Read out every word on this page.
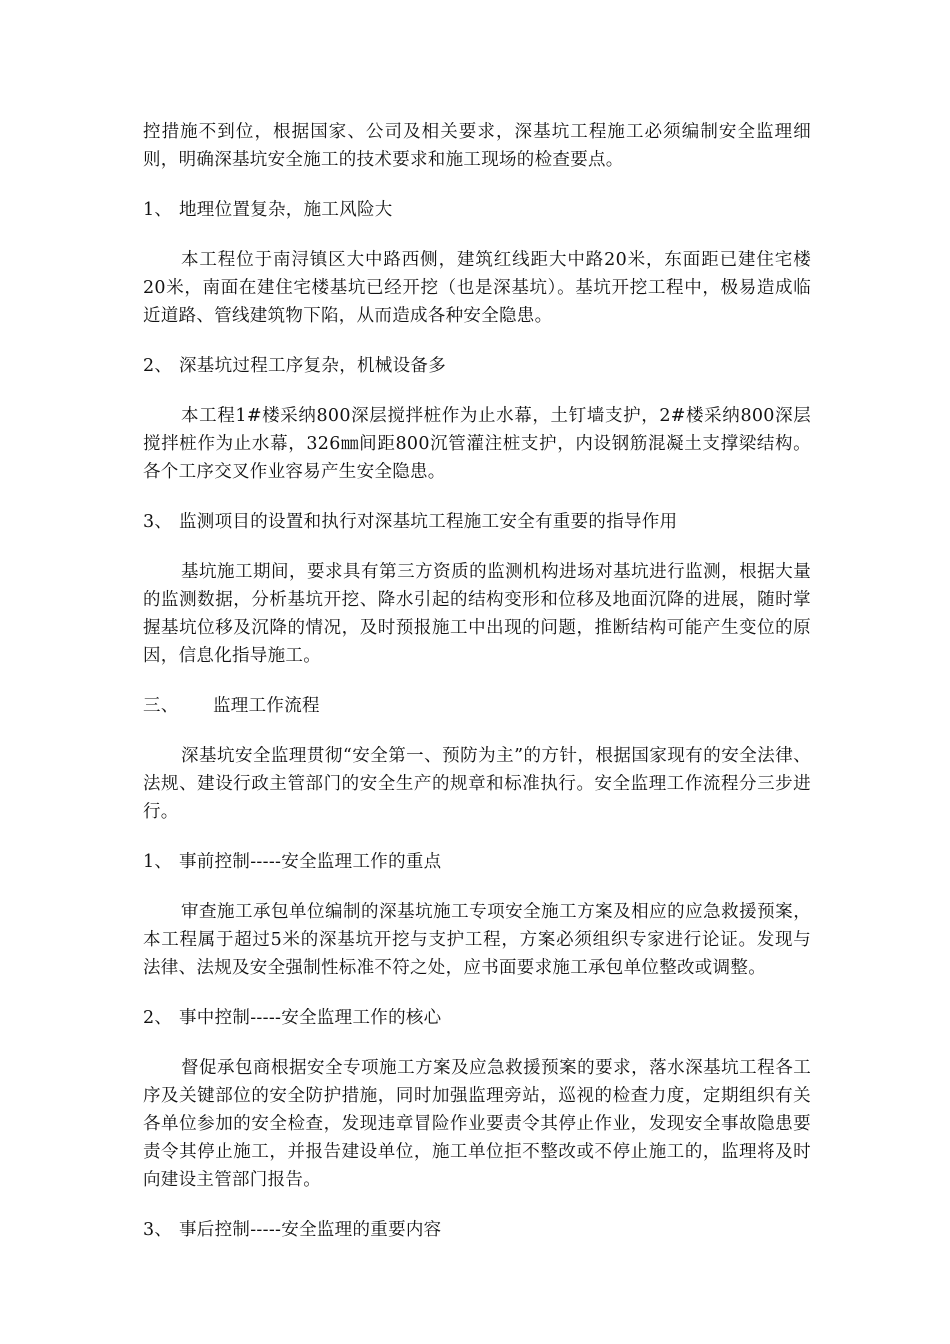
控措施不到位，根据国家、公司及相关要求，深基坑工程施工必须编制安全监理细则，明确深基坑安全施工的技术要求和施工现场的检查要点。

1、 地理位置复杂，施工风险大

本工程位于南浔镇区大中路西侧，建筑红线距大中路20米，东面距已建住宅楼20米，南面在建住宅楼基坑已经开挖（也是深基坑）。基坑开挖工程中，极易造成临近道路、管线建筑物下陷，从而造成各种安全隐患。

2、 深基坑过程工序复杂，机械设备多

本工程1#楼采纳800深层搅拌桩作为止水幕，土钉墙支护，2#楼采纳800深层搅拌桩作为止水幕，326㎜间距800沉管灌注桩支护，内设钢筋混凝土支撑梁结构。各个工序交叉作业容易产生安全隐患。

3、 监测项目的设置和执行对深基坑工程施工安全有重要的指导作用

基坑施工期间，要求具有第三方资质的监测机构进场对基坑进行监测，根据大量的监测数据，分析基坑开挖、降水引起的结构变形和位移及地面沉降的进展，随时掌握基坑位移及沉降的情况，及时预报施工中出现的问题，推断结构可能产生变位的原因，信息化指导施工。

三、 监理工作流程

深基坑安全监理贯彻“安全第一、预防为主”的方针，根据国家现有的安全法律、法规、建设行政主管部门的安全生产的规章和标准执行。安全监理工作流程分三步进行。

1、 事前控制-----安全监理工作的重点

审查施工承包单位编制的深基坑施工专项安全施工方案及相应的应急救援预案，本工程属于超过5米的深基坑开挖与支护工程，方案必须组织专家进行论证。发现与法律、法规及安全强制性标准不符之处，应书面要求施工承包单位整改或调整。

2、 事中控制-----安全监理工作的核心

督促承包商根据安全专项施工方案及应急救援预案的要求，落水深基坑工程各工序及关键部位的安全防护措施，同时加强监理旁站，巡视的检查力度，定期组织有关各单位参加的安全检查，发现违章冒险作业要责令其停止作业，发现安全事故隐患要责令其停止施工，并报告建设单位，施工单位拒不整改或不停止施工的，监理将及时向建设主管部门报告。

3、 事后控制-----安全监理的重要内容
